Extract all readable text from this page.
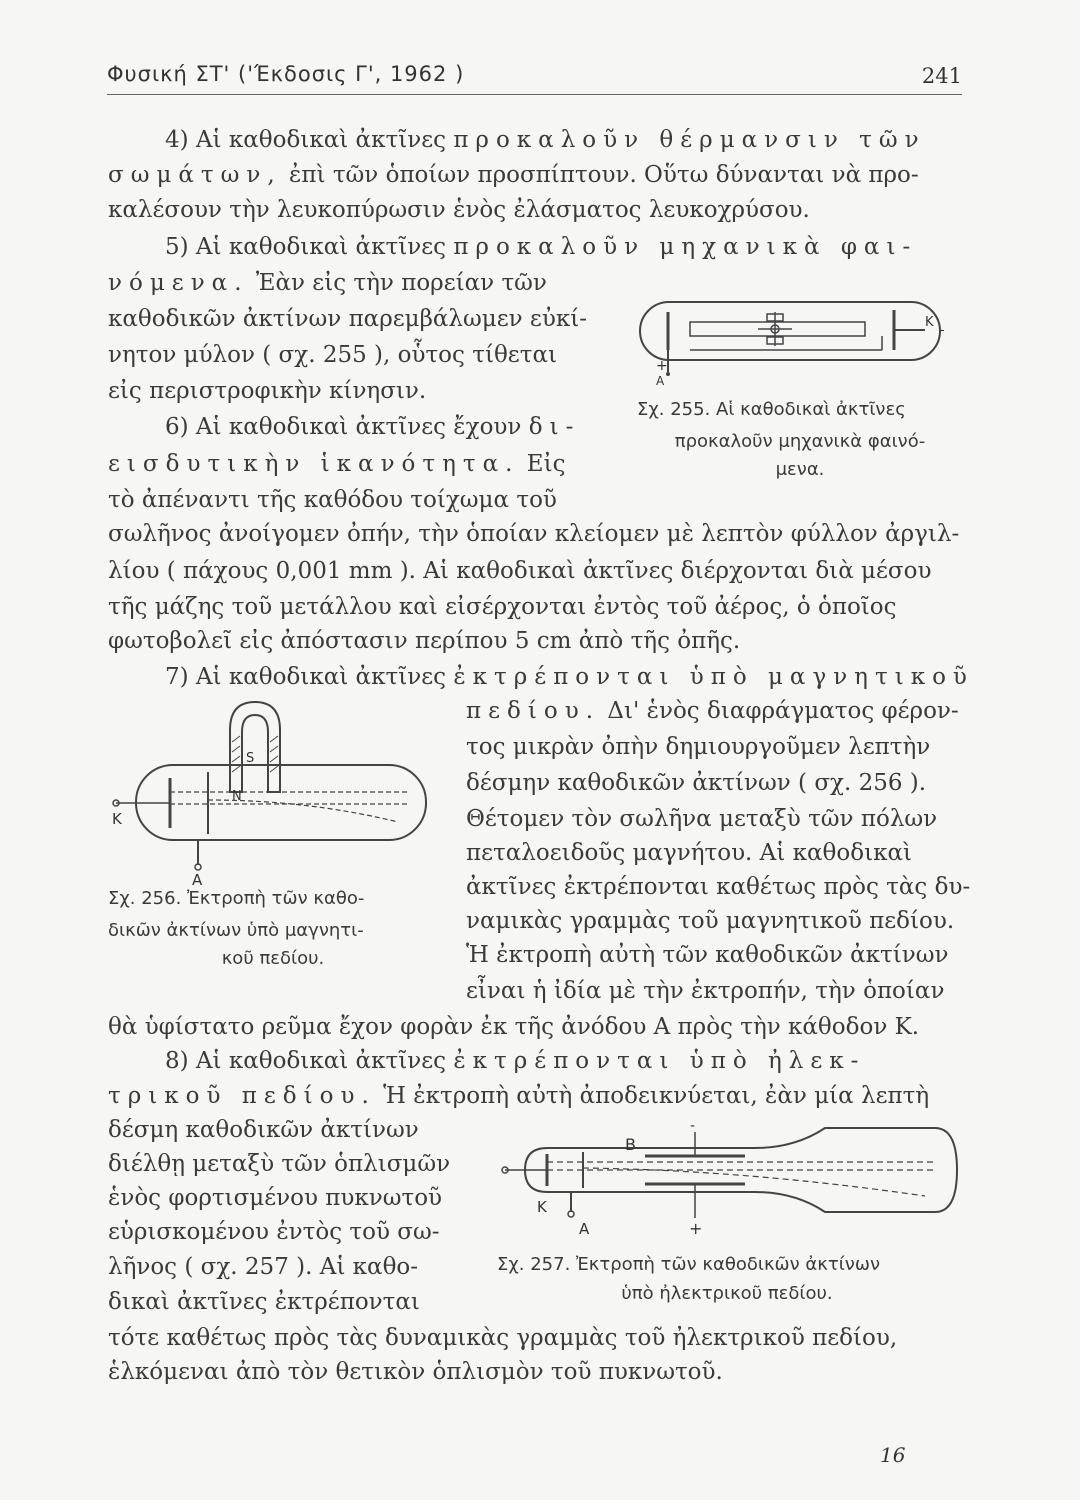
Φυσική ΣΤ' ('Έκδοσις Γ', 1962 )	241
4) Αἱ καθοδικαὶ ἀκτῖνες προκαλοῦν θέρμανσιν τῶν
σωμάτων, ἐπὶ τῶν ὁποίων προσπίπτουν. Οὕτω δύνανται νὰ προ-
καλέσουν τὴν λευκοπύρωσιν ἑνὸς ἐλάσματος λευκοχρύσου.
5) Αἱ καθοδικαὶ ἀκτῖνες προκαλοῦν μηχανικὰ φαι-
νόμενα. Ἐὰν εἰς τὴν πορείαν τῶν
καθοδικῶν ἀκτίνων παρεμβάλωμεν εὐκί-
νητον μύλον ( σχ. 255 ), οὗτος τίθεται
εἰς περιστροφικὴν κίνησιν.
K
-
+
A
Σχ. 255. Αἱ καθοδικαὶ ἀκτῖνες
προκαλοῦν μηχανικὰ φαινό-
μενα.
6) Αἱ καθοδικαὶ ἀκτῖνες ἔχουν δι-
εισδυτικὴν ἱκανότητα. Εἰς
τὸ ἀπέναντι τῆς καθόδου τοίχωμα τοῦ
σωλῆνος ἀνοίγομεν ὀπήν, τὴν ὁποίαν κλείομεν μὲ λεπτὸν φύλλον ἀργιλ-
λίου ( πάχους 0,001 mm ). Αἱ καθοδικαὶ ἀκτῖνες διέρχονται διὰ μέσου
τῆς μάζης τοῦ μετάλλου καὶ εἰσέρχονται ἐντὸς τοῦ ἀέρος, ὁ ὁποῖος
φωτοβολεῖ εἰς ἀπόστασιν περίπου 5 cm ἀπὸ τῆς ὀπῆς.
7) Αἱ καθοδικαὶ ἀκτῖνες ἐκτρέπονται ὑπὸ μαγνητικοῦ
πεδίου. Δι' ἑνὸς διαφράγματος φέρον-
τος μικρὰν ὀπὴν δημιουργοῦμεν λεπτὴν
δέσμην καθοδικῶν ἀκτίνων ( σχ. 256 ).
Θέτομεν τὸν σωλῆνα μεταξὺ τῶν πόλων
πεταλοειδοῦς μαγνήτου. Αἱ καθοδικαὶ
ἀκτῖνες ἐκτρέπονται καθέτως πρὸς τὰς δυ-
ναμικὰς γραμμὰς τοῦ μαγνητικοῦ πεδίου.
Ἡ ἐκτροπὴ αὐτὴ τῶν καθοδικῶν ἀκτίνων
εἶναι ἡ ἰδία μὲ τὴν ἐκτροπήν, τὴν ὁποίαν
θὰ ὑφίστατο ρεῦμα ἔχον φορὰν ἐκ τῆς ἀνόδου Α πρὸς τὴν κάθοδον Κ.
K
A
S
N
Σχ. 256. Ἐκτροπὴ τῶν καθο-
δικῶν ἀκτίνων ὑπὸ μαγνητι-
κοῦ πεδίου.
8) Αἱ καθοδικαὶ ἀκτῖνες ἐκτρέπονται ὑπὸ ἠλεκ-
τρικοῦ πεδίου. Ἡ ἐκτροπὴ αὐτὴ ἀποδεικνύεται, ἐὰν μία λεπτὴ
δέσμη καθοδικῶν ἀκτίνων
διέλθῃ μεταξὺ τῶν ὁπλισμῶν
ἑνὸς φορτισμένου πυκνωτοῦ
εὑρισκομένου ἐντὸς τοῦ σω-
λῆνος ( σχ. 257 ). Αἱ καθο-
δικαὶ ἀκτῖνες ἐκτρέπονται
τότε καθέτως πρὸς τὰς δυναμικὰς γραμμὰς τοῦ ἠλεκτρικοῦ πεδίου,
ἑλκόμεναι ἀπὸ τὸν θετικὸν ὁπλισμὸν τοῦ πυκνωτοῦ.
B
-
K
A	+
Σχ. 257. Ἐκτροπὴ τῶν καθοδικῶν ἀκτίνων
ὑπὸ ἠλεκτρικοῦ πεδίου.
16
